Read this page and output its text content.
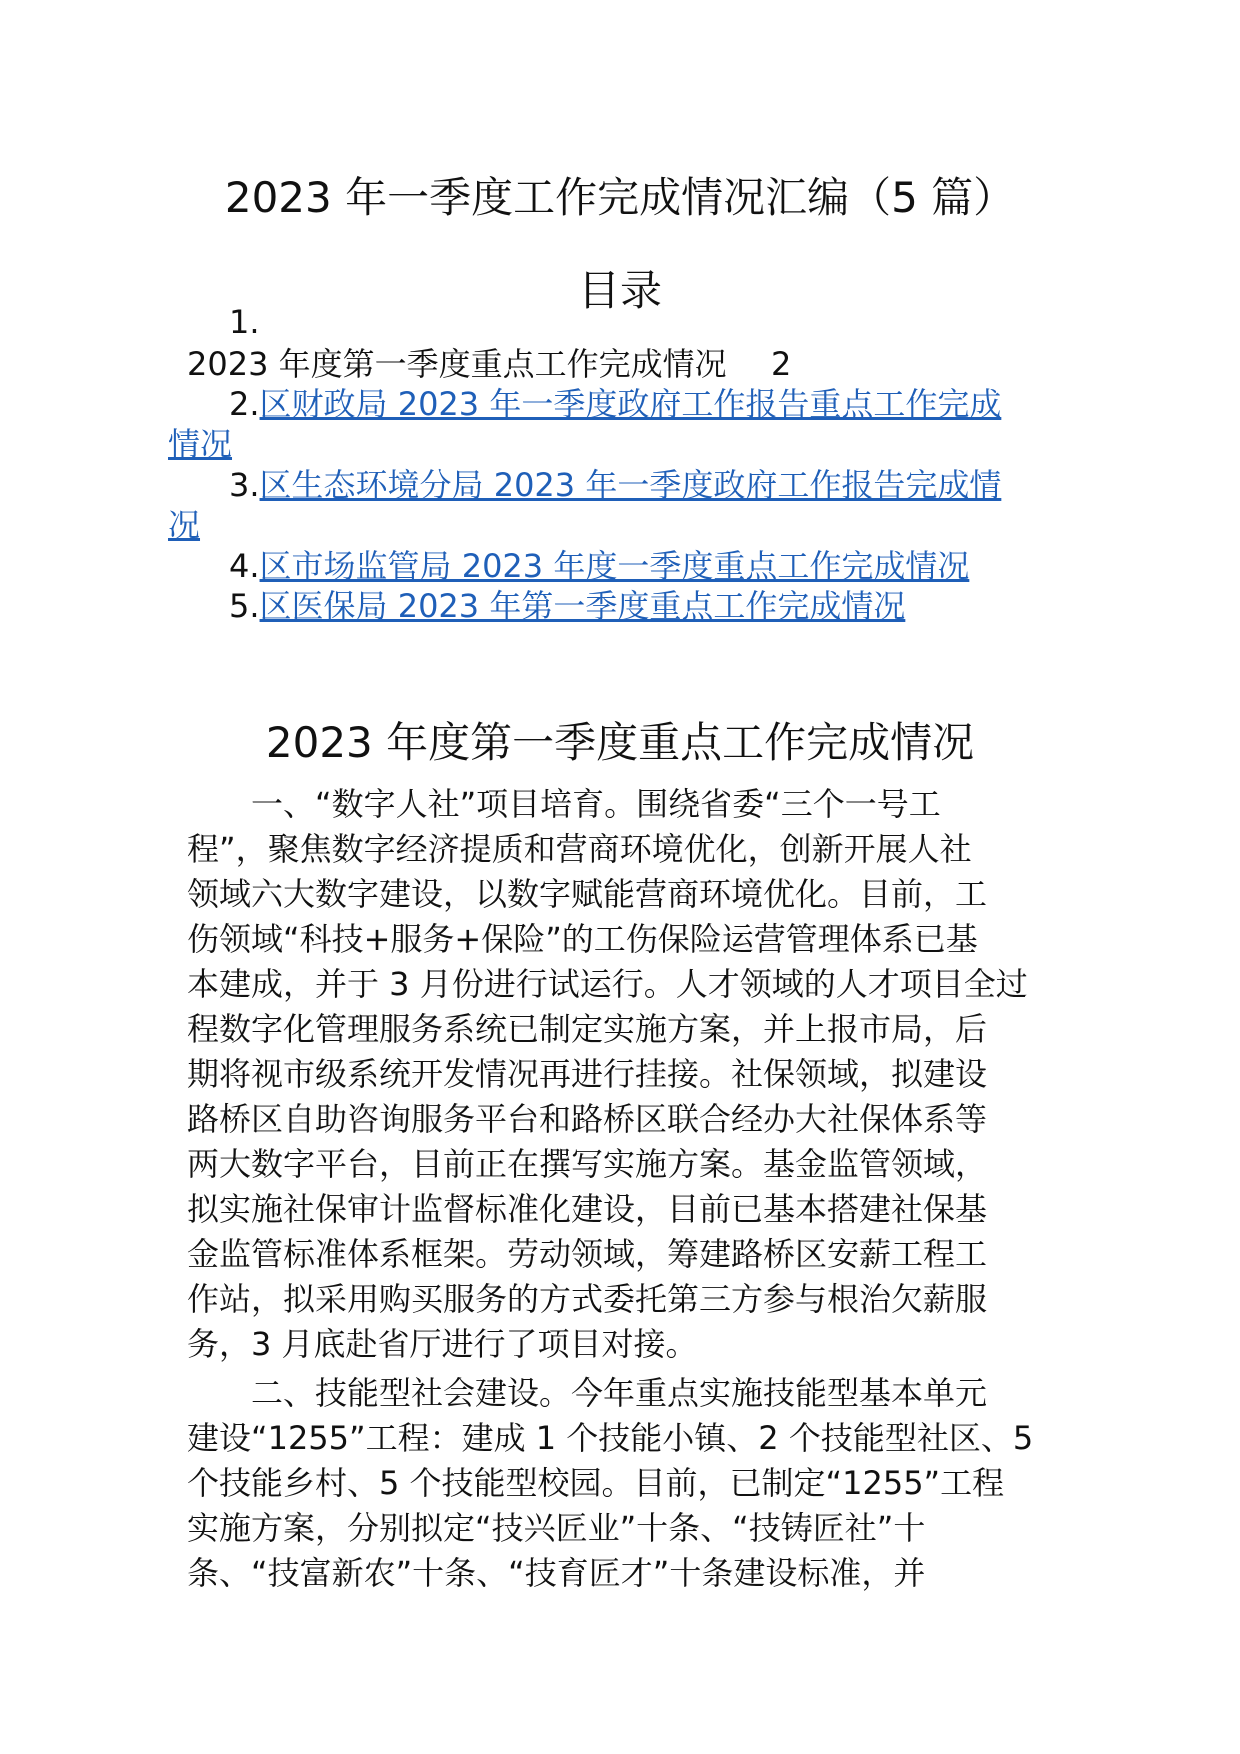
2023 年一季度工作完成情况汇编（5 篇）
目录
1.
2023 年度第一季度重点工作完成情况 2
2.区财政局 2023 年一季度政府工作报告重点工作完成
情况
3.区生态环境分局 2023 年一季度政府工作报告完成情
况
4.区市场监管局 2023 年度一季度重点工作完成情况
5.区医保局 2023 年第一季度重点工作完成情况
2023 年度第一季度重点工作完成情况
一、“数字人社”项目培育。围绕省委“三个一号工
程”，聚焦数字经济提质和营商环境优化，创新开展人社
领域六大数字建设，以数字赋能营商环境优化。目前，工
伤领域“科技+服务+保险”的工伤保险运营管理体系已基
本建成，并于 3 月份进行试运行。人才领域的人才项目全过
程数字化管理服务系统已制定实施方案，并上报市局，后
期将视市级系统开发情况再进行挂接。社保领域，拟建设
路桥区自助咨询服务平台和路桥区联合经办大社保体系等
两大数字平台，目前正在撰写实施方案。基金监管领域，
拟实施社保审计监督标准化建设，目前已基本搭建社保基
金监管标准体系框架。劳动领域，筹建路桥区安薪工程工
作站，拟采用购买服务的方式委托第三方参与根治欠薪服
务，3 月底赴省厅进行了项目对接。
二、技能型社会建设。今年重点实施技能型基本单元
建设“1255”工程：建成 1 个技能小镇、2 个技能型社区、5
个技能乡村、5 个技能型校园。目前，已制定“1255”工程
实施方案，分别拟定“技兴匠业”十条、“技铸匠社”十
条、“技富新农”十条、“技育匠才”十条建设标准，并
